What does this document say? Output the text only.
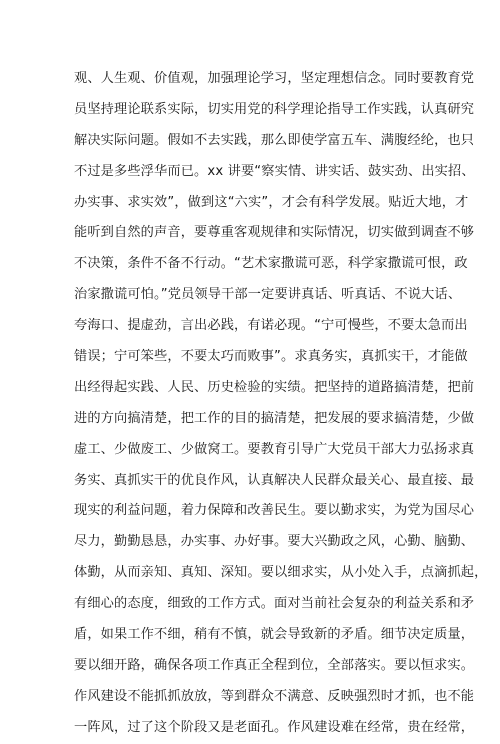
观、人生观、价值观，加强理论学习，坚定理想信念。同时要教育党
员坚持理论联系实际，切实用党的科学理论指导工作实践，认真研究
解决实际问题。假如不去实践，那么即使学富五车、满腹经纶，也只
不过是多些浮华而已。xx 讲要“察实情、讲实话、鼓实劲、出实招、
办实事、求实效”，做到这“六实”，才会有科学发展。贴近大地，才
能听到自然的声音，要尊重客观规律和实际情况，切实做到调查不够
不决策，条件不备不行动。“艺术家撒谎可恶，科学家撒谎可恨，政
治家撒谎可怕。”党员领导干部一定要讲真话、听真话、不说大话、
夸海口、提虚劲，言出必践，有诺必现。“宁可慢些，不要太急而出
错误；宁可笨些，不要太巧而败事”。求真务实，真抓实干，才能做
出经得起实践、人民、历史检验的实绩。把坚持的道路搞清楚，把前
进的方向搞清楚，把工作的目的搞清楚，把发展的要求搞清楚，少做
虚工、少做废工、少做窝工。要教育引导广大党员干部大力弘扬求真
务实、真抓实干的优良作风，认真解决人民群众最关心、最直接、最
现实的利益问题，着力保障和改善民生。要以勤求实，为党为国尽心
尽力，勤勤恳恳，办实事、办好事。要大兴勤政之风，心勤、脑勤、
体勤，从而亲知、真知、深知。要以细求实，从小处入手，点滴抓起，
有细心的态度，细致的工作方式。面对当前社会复杂的利益关系和矛
盾，如果工作不细，稍有不慎，就会导致新的矛盾。细节决定质量，
要以细开路，确保各项工作真正全程到位，全部落实。要以恒求实。
作风建设不能抓抓放放，等到群众不满意、反映强烈时才抓，也不能
一阵风，过了这个阶段又是老面孔。作风建设难在经常，贵在经常，
